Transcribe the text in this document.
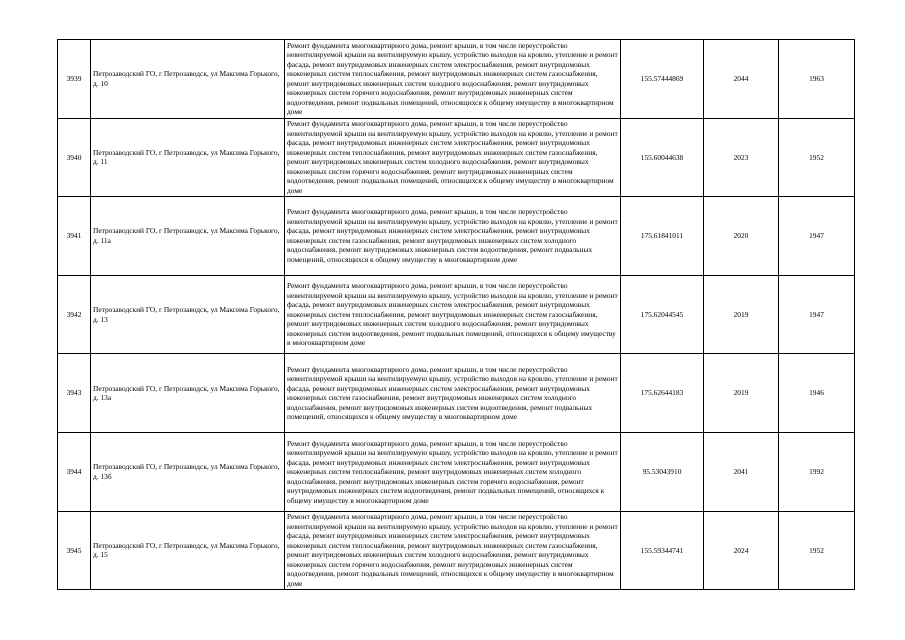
3939	Петрозаводский ГО, г Петрозаводск, ул Максима Горького, д. 10	Ремонт фундамента многоквартирного дома, ремонт крыши, в том числе переустройство невентилируемой крыши на вентилируемую крышу, устройство выходов на кровлю, утепление и ремонт фасада, ремонт внутридомовых инженерных систем электроснабжения, ремонт внутридомовых инженерных систем теплоснабжения, ремонт внутридомовых инженерных систем газоснабжения, ремонт внутридомовых инженерных систем холодного водоснабжения, ремонт внутридомовых инженерных систем горячего водоснабжения, ремонт внутридомовых инженерных систем водоотведения, ремонт подвальных помещений, относящихся к общему имуществу в многоквартирном доме	155.57444869	2044	1963
3940	Петрозаводский ГО, г Петрозаводск, ул Максима Горького, д. 11	Ремонт фундамента многоквартирного дома, ремонт крыши, в том числе переустройство невентилируемой крыши на вентилируемую крышу, устройство выходов на кровлю, утепление и ремонт фасада, ремонт внутридомовых инженерных систем электроснабжения, ремонт внутридомовых инженерных систем теплоснабжения, ремонт внутридомовых инженерных систем газоснабжения, ремонт внутридомовых инженерных систем холодного водоснабжения, ремонт внутридомовых инженерных систем горячего водоснабжения, ремонт внутридомовых инженерных систем водоотведения, ремонт подвальных помещений, относящихся к общему имуществу в многоквартирном доме	155.60044638	2023	1952
3941	Петрозаводский ГО, г Петрозаводск, ул Максима Горького, д. 11а	Ремонт фундамента многоквартирного дома, ремонт крыши, в том числе переустройство невентилируемой крыши на вентилируемую крышу, устройство выходов на кровлю, утепление и ремонт фасада, ремонт внутридомовых инженерных систем электроснабжения, ремонт внутридомовых инженерных систем газоснабжения, ремонт внутридомовых инженерных систем холодного водоснабжения, ремонт внутридомовых инженерных систем водоотведения, ремонт подвальных помещений, относящихся к общему имуществу в многоквартирном доме	175.61841011	2020	1947
3942	Петрозаводский ГО, г Петрозаводск, ул Максима Горького, д. 13	Ремонт фундамента многоквартирного дома, ремонт крыши, в том числе переустройство невентилируемой крыши на вентилируемую крышу, устройство выходов на кровлю, утепление и ремонт фасада, ремонт внутридомовых инженерных систем электроснабжения, ремонт внутридомовых инженерных систем теплоснабжения, ремонт внутридомовых инженерных систем газоснабжения, ремонт внутридомовых инженерных систем холодного водоснабжения, ремонт внутридомовых инженерных систем водоотведения, ремонт подвальных помещений, относящихся к общему имуществу в многоквартирном доме	175.62044545	2019	1947
3943	Петрозаводский ГО, г Петрозаводск, ул Максима Горького, д. 13а	Ремонт фундамента многоквартирного дома, ремонт крыши, в том числе переустройство невентилируемой крыши на вентилируемую крышу, устройство выходов на кровлю, утепление и ремонт фасада, ремонт внутридомовых инженерных систем электроснабжения, ремонт внутридомовых инженерных систем газоснабжения, ремонт внутридомовых инженерных систем холодного водоснабжения, ремонт внутридомовых инженерных систем водоотведения, ремонт подвальных помещений, относящихся к общему имуществу в многоквартирном доме	175.62644183	2019	1946
3944	Петрозаводский ГО, г Петрозаводск, ул Максима Горького, д. 13б	Ремонт фундамента многоквартирного дома, ремонт крыши, в том числе переустройство невентилируемой крыши на вентилируемую крышу, устройство выходов на кровлю, утепление и ремонт фасада, ремонт внутридомовых инженерных систем электроснабжения, ремонт внутридомовых инженерных систем теплоснабжения, ремонт внутридомовых инженерных систем холодного водоснабжения, ремонт внутридомовых инженерных систем горячего водоснабжения, ремонт внутридомовых инженерных систем водоотведения, ремонт подвальных помещений, относящихся к общему имуществу в многоквартирном доме	95.53043910	2041	1992
3945	Петрозаводский ГО, г Петрозаводск, ул Максима Горького, д. 15	Ремонт фундамента многоквартирного дома, ремонт крыши, в том числе переустройство невентилируемой крыши на вентилируемую крышу, устройство выходов на кровлю, утепление и ремонт фасада, ремонт внутридомовых инженерных систем электроснабжения, ремонт внутридомовых инженерных систем теплоснабжения, ремонт внутридомовых инженерных систем газоснабжения, ремонт внутридомовых инженерных систем холодного водоснабжения, ремонт внутридомовых инженерных систем горячего водоснабжения, ремонт внутридомовых инженерных систем водоотведения, ремонт подвальных помещений, относящихся к общему имуществу в многоквартирном доме	155.59344741	2024	1952
